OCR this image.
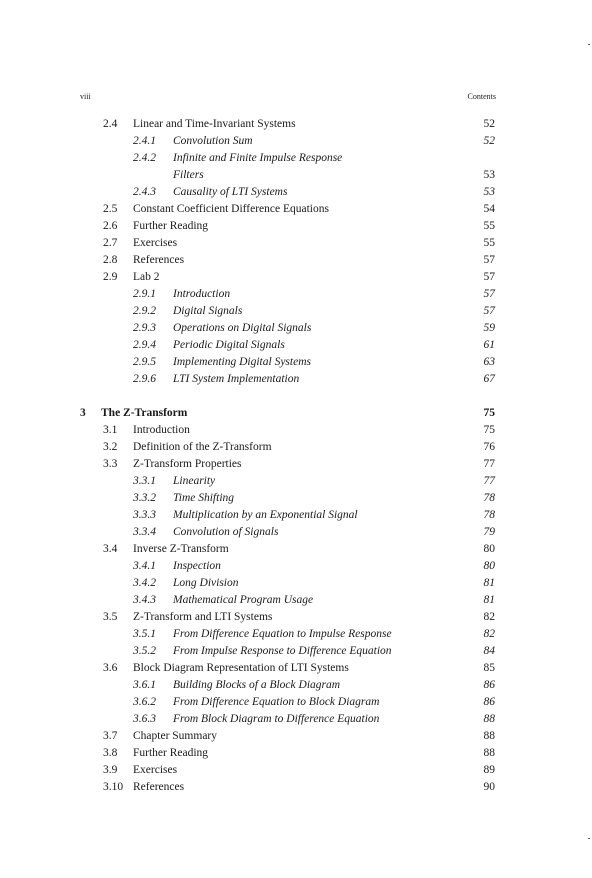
viii	Contents
2.4 Linear and Time-Invariant Systems	52
2.4.1 Convolution Sum	52
2.4.2 Infinite and Finite Impulse Response
Filters	53
2.4.3 Causality of LTI Systems	53
2.5 Constant Coefficient Difference Equations	54
2.6 Further Reading	55
2.7 Exercises	55
2.8 References	57
2.9 Lab 2	57
2.9.1 Introduction	57
2.9.2 Digital Signals	57
2.9.3 Operations on Digital Signals	59
2.9.4 Periodic Digital Signals	61
2.9.5 Implementing Digital Systems	63
2.9.6 LTI System Implementation	67
3 The Z-Transform	75
3.1 Introduction	75
3.2 Definition of the Z-Transform	76
3.3 Z-Transform Properties	77
3.3.1 Linearity	77
3.3.2 Time Shifting	78
3.3.3 Multiplication by an Exponential Signal	78
3.3.4 Convolution of Signals	79
3.4 Inverse Z-Transform	80
3.4.1 Inspection	80
3.4.2 Long Division	81
3.4.3 Mathematical Program Usage	81
3.5 Z-Transform and LTI Systems	82
3.5.1 From Difference Equation to Impulse Response	82
3.5.2 From Impulse Response to Difference Equation	84
3.6 Block Diagram Representation of LTI Systems	85
3.6.1 Building Blocks of a Block Diagram	86
3.6.2 From Difference Equation to Block Diagram	86
3.6.3 From Block Diagram to Difference Equation	88
3.7 Chapter Summary	88
3.8 Further Reading	88
3.9 Exercises	89
3.10 References	90
